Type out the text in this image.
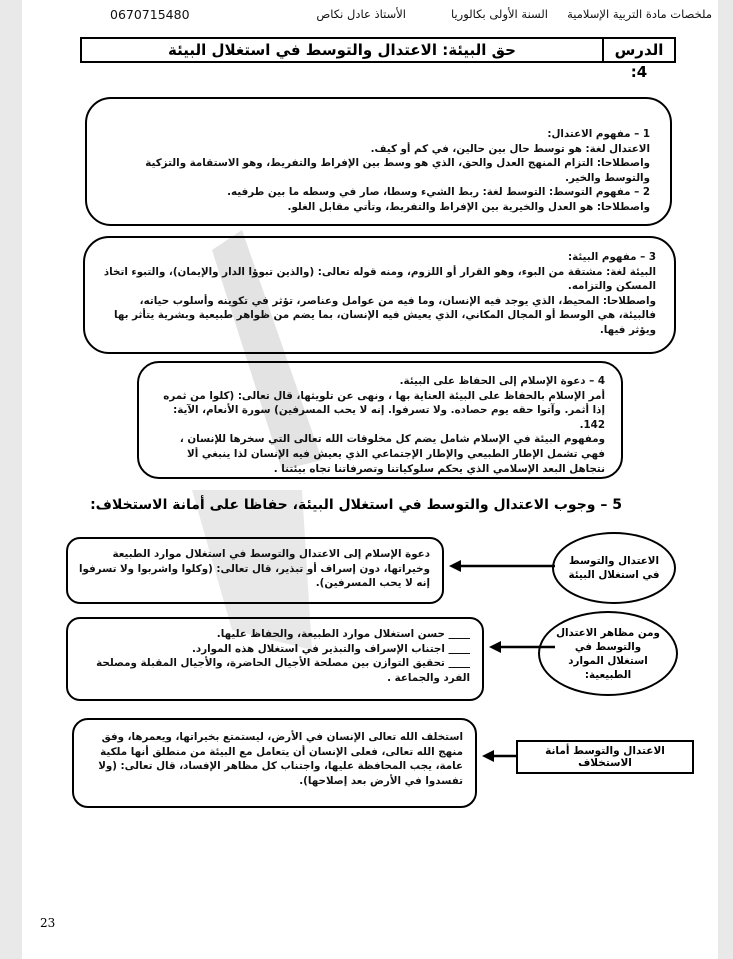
ملخصات مادة التربية الإسلامية
السنة الأولى بكالوريا
الأستاذ عادل نكاص
0670715480
الدرس 4:
حق البيئة: الاعتدال والتوسط في استغلال البيئة

1 – مفهوم الاعتدال:

الاعتدال لغة: هو توسط حال بين حالين، في كم أو كيف.

واصطلاحا: التزام المنهج العدل والحق، الذي هو وسط بين الإفراط والتفريط، وهو الاستقامة والتزكية والتوسط والخير.

2 – مفهوم التوسط: التوسط لغة: ربط الشيء وسطا، صار في وسطه ما بين طرفيه.

واصطلاحا: هو العدل والخيرية بين الإفراط والتفريط، وتأتي مقابل الغلو.

3 – مفهوم البيئة:

البيئة لغة: مشتقة من البوء، وهو القرار أو اللزوم، ومنه قوله تعالى: (والذين تبوؤا الدار والإيمان)، والتبوء اتخاذ المسكن والتزامه.

واصطلاحا: المحيط، الذي يوجد فيه الإنسان، وما فيه من عوامل وعناصر، تؤثر في تكوينه وأسلوب حياته، فالبيئة، هي الوسط أو المجال المكاني، الذي يعيش فيه الإنسان، بما يضم من ظواهر طبيعية وبشرية يتأثر بها ويؤثر فيها.

4 – دعوة الإسلام إلى الحفاظ على البيئة.

أمر الإسلام بالحفاظ على البيئة العناية بها ، ونهى عن تلويثها، قال تعالى: (كلوا من ثمره إذا أثمر. وآتوا حقه يوم حصاده. ولا تسرفوا. إنه لا يحب المسرفين) سورة الأنعام، الآية: 142.

ومفهوم البيئة في الإسلام شامل يضم كل مخلوقات الله تعالى التي سخرها للإنسان ، فهي تشمل الإطار الطبيعي والإطار الإجتماعي الذي يعيش فيه الإنسان لذا ينبغي ألا نتجاهل البعد الإسلامي الذي يحكم سلوكياتنا وتصرفاتنا تجاه بيئتنا .

5 – وجوب الاعتدال والتوسط في استغلال البيئة، حفاظا على أمانة الاستخلاف:

دعوة الإسلام إلى الاعتدال والتوسط في استغلال موارد الطبيعة وخيراتها، دون إسراف أو تبذير، قال تعالى: (وكلوا واشربوا ولا تسرفوا إنه لا يحب المسرفين).

الاعتدال والتوسط في استغلال البيئة

حسن استغلال موارد الطبيعة، والحفاظ عليها.

اجتناب الإسراف والتبذير في استغلال هذه الموارد.

تحقيق التوازن بين مصلحة الأجيال الحاضرة، والأجيال المقبلة ومصلحة الفرد والجماعة .

ومن مظاهر الاعتدال والتوسط في استغلال الموارد الطبيعية:

استخلف الله تعالى الإنسان في الأرض، ليستمتع بخيراتها، ويعمرها، وفق منهج الله تعالى، فعلى الإنسان أن يتعامل مع البيئة من منطلق أنها ملكية عامة، يجب المحافظة عليها، واجتناب كل مظاهر الإفساد، قال تعالى: (ولا تفسدوا في الأرض بعد إصلاحها).

الاعتدال والتوسط أمانة الاستخلاف
23
